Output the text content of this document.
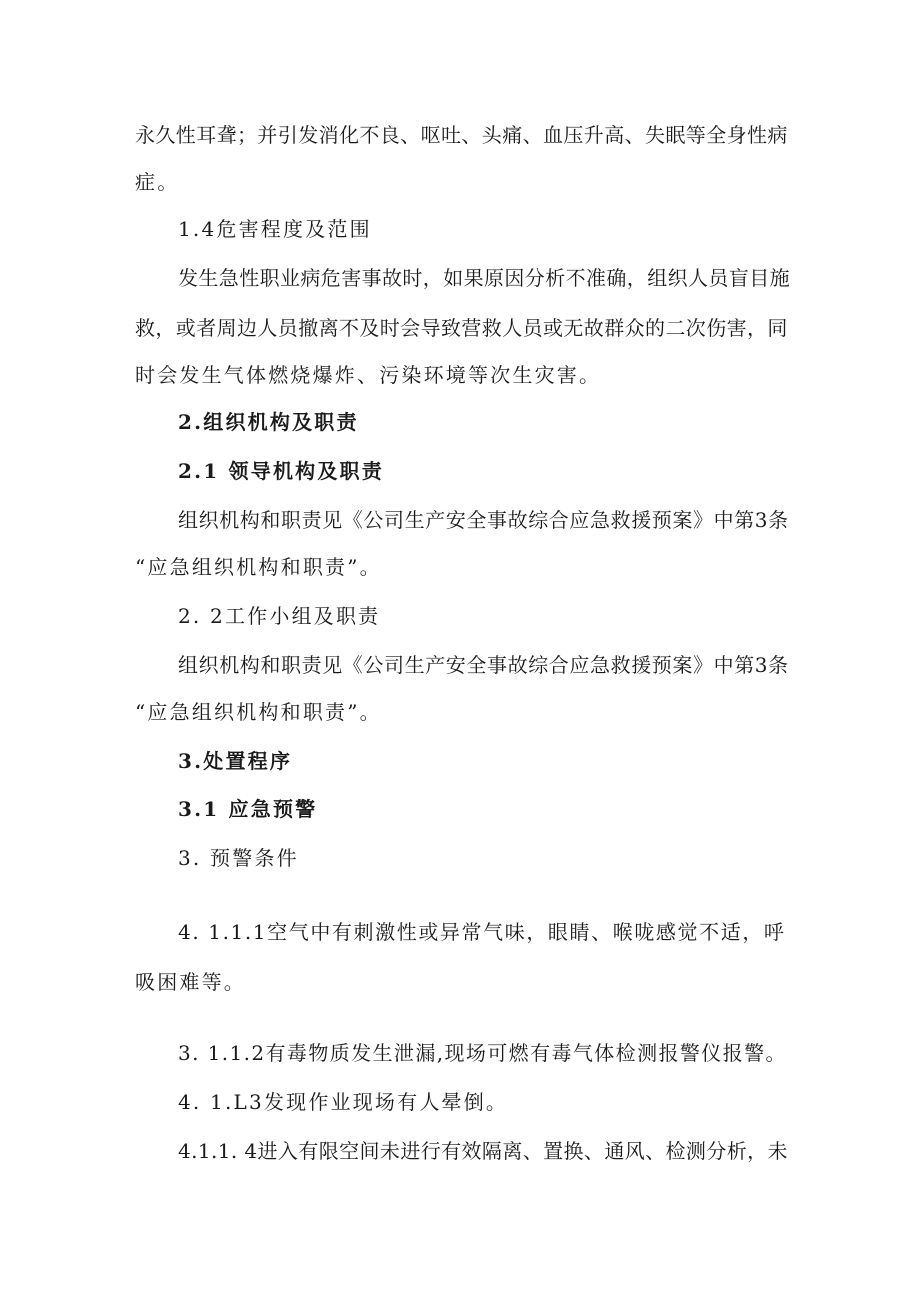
永久性耳聋；并引发消化不良、呕吐、头痛、血压升高、失眠等全身性病
症。
1.4危害程度及范围
发生急性职业病危害事故时，如果原因分析不准确，组织人员盲目施
救，或者周边人员撤离不及时会导致营救人员或无故群众的二次伤害，同
时会发生气体燃烧爆炸、污染环境等次生灾害。
2.组织机构及职责
2.1 领导机构及职责
组织机构和职责见《公司生产安全事故综合应急救援预案》中第3条
“应急组织机构和职责”。
2. 2工作小组及职责
组织机构和职责见《公司生产安全事故综合应急救援预案》中第3条
“应急组织机构和职责”。
3.处置程序
3.1 应急预警
3. 预警条件
4. 1.1.1空气中有刺激性或异常气味，眼睛、喉咙感觉不适，呼
吸困难等。
3. 1.1.2有毒物质发生泄漏,现场可燃有毒气体检测报警仪报警。
4. 1.L3发现作业现场有人晕倒。
4.1.1. 4进入有限空间未进行有效隔离、置换、通风、检测分析，未
